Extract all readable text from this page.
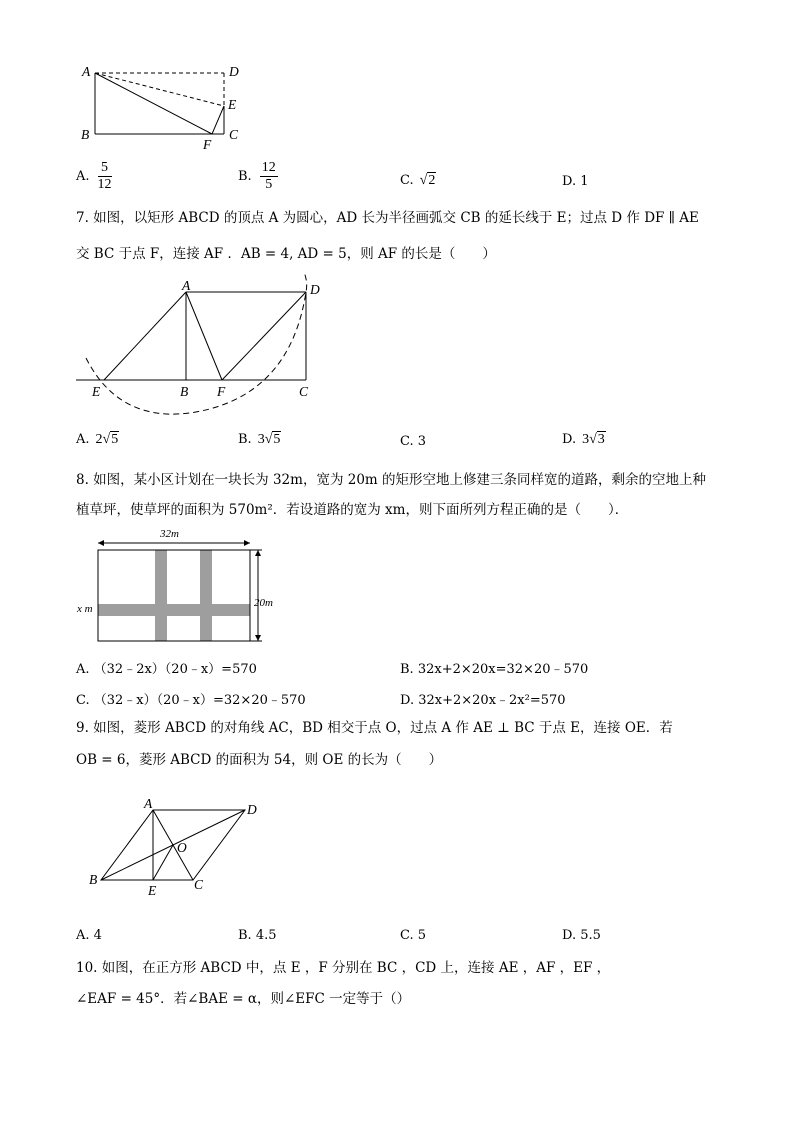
A	D
E
B	C
F
A. $\frac{5}{12}$	B. $\frac{12}{5}$	C. √2	D. 1
7. 如图，以矩形 ABCD 的顶点 A 为圆心，AD 长为半径画弧交 CB 的延长线于 E；过点 D 作 DF ∥ AE
交 BC 于点 F，连接 AF ．AB = 4, AD = 5，则 AF 的长是（　　）
A	D
E	B F	C
A. 2√5	B. 3√5	C. 3	D. 3√3
8. 如图，某小区计划在一块长为 32m，宽为 20m 的矩形空地上修建三条同样宽的道路，剩余的空地上种
植草坪，使草坪的面积为 570m²．若设道路的宽为 xm，则下面所列方程正确的是（　　）．
32m
20m
x m
A. （32﹣2x）（20﹣x）=570	B. 32x+2×20x=32×20﹣570
C. （32﹣x）（20﹣x）=32×20﹣570	D. 32x+2×20x﹣2x²=570
9. 如图，菱形 ABCD 的对角线 AC，BD 相交于点 O，过点 A 作 AE ⊥ BC 于点 E，连接 OE．若
OB = 6，菱形 ABCD 的面积为 54，则 OE 的长为（　　）
A	D
O
B
E	C
A. 4	B. 4.5	C. 5	D. 5.5
10. 如图，在正方形 ABCD 中，点 E ，F 分别在 BC ，CD 上，连接 AE ，AF ，EF ，
∠EAF = 45°．若∠BAE = α，则∠EFC 一定等于（）
